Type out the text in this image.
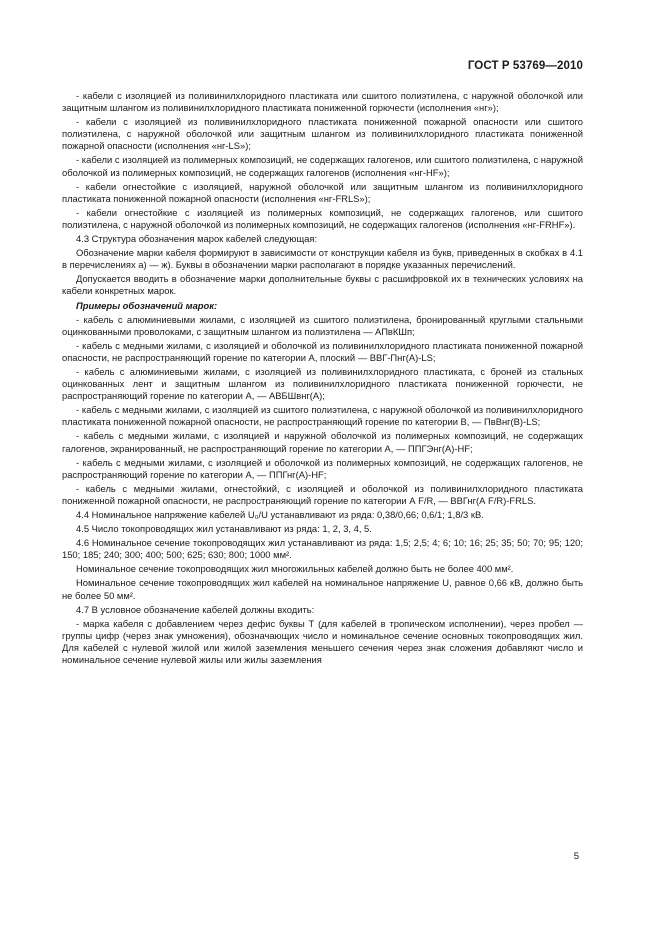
ГОСТ Р 53769—2010

- кабели с изоляцией из поливинилхлоридного пластиката или сшитого полиэтилена, с наружной оболочкой или защитным шлангом из поливинилхлоридного пластиката пониженной горючести (исполнения «нг»);

- кабели с изоляцией из поливинилхлоридного пластиката пониженной пожарной опасности или сшитого полиэтилена, с наружной оболочкой или защитным шлангом из поливинилхлоридного пластиката пониженной пожарной опасности (исполнения «нг-LS»);

- кабели с изоляцией из полимерных композиций, не содержащих галогенов, или сшитого полиэтилена, с наружной оболочкой из полимерных композиций, не содержащих галогенов (исполнения «нг-HF»);

- кабели огнестойкие с изоляцией, наружной оболочкой или защитным шлангом из поливинилхлоридного пластиката пониженной пожарной опасности (исполнения «нг-FRLS»);

- кабели огнестойкие с изоляцией из полимерных композиций, не содержащих галогенов, или сшитого полиэтилена, с наружной оболочкой из полимерных композиций, не содержащих галогенов (исполнения «нг-FRHF»).

4.3 Структура обозначения марок кабелей следующая:

Обозначение марки кабеля формируют в зависимости от конструкции кабеля из букв, приведенных в скобках в 4.1 в перечислениях а) — ж). Буквы в обозначении марки располагают в порядке указанных перечислений.

Допускается вводить в обозначение марки дополнительные буквы с расшифровкой их в технических условиях на кабели конкретных марок.

Примеры обозначений марок:

- кабель с алюминиевыми жилами, с изоляцией из сшитого полиэтилена, бронированный круглыми стальными оцинкованными проволоками, с защитным шлангом из полиэтилена — АПвКШп;

- кабель с медными жилами, с изоляцией и оболочкой из поливинилхлоридного пластиката пониженной пожарной опасности, не распространяющий горение по категории А, плоский — ВВГ-Пнг(А)-LS;

- кабель с алюминиевыми жилами, с изоляцией из поливинилхлоридного пластиката, с броней из стальных оцинкованных лент и защитным шлангом из поливинилхлоридного пластиката пониженной горючести, не распространяющий горение по категории А, — АВБШвнг(А);

- кабель с медными жилами, с изоляцией из сшитого полиэтилена, с наружной оболочкой из поливинилхлоридного пластиката пониженной пожарной опасности, не распространяющий горение по категории В, — ПвВнг(В)-LS;

- кабель с медными жилами, с изоляцией и наружной оболочкой из полимерных композиций, не содержащих галогенов, экранированный, не распространяющий горение по категории А, — ППГЭнг(А)-HF;

- кабель с медными жилами, с изоляцией и оболочкой из полимерных композиций, не содержащих галогенов, не распространяющий горение по категории А, — ППГнг(А)-HF;

- кабель с медными жилами, огнестойкий, с изоляцией и оболочкой из поливинилхлоридного пластиката пониженной пожарной опасности, не распространяющий горение по категории А F/R, — ВВГнг(А F/R)-FRLS.

4.4 Номинальное напряжение кабелей U₀/U устанавливают из ряда: 0,38/0,66; 0,6/1; 1,8/3 кВ.

4.5 Число токопроводящих жил устанавливают из ряда: 1, 2, 3, 4, 5.

4.6 Номинальное сечение токопроводящих жил устанавливают из ряда: 1,5; 2,5; 4; 6; 10; 16; 25; 35; 50; 70; 95; 120; 150; 185; 240; 300; 400; 500; 625; 630; 800; 1000 мм².

Номинальное сечение токопроводящих жил многожильных кабелей должно быть не более 400 мм².

Номинальное сечение токопроводящих жил кабелей на номинальное напряжение U, равное 0,66 кВ, должно быть не более 50 мм².

4.7 В условное обозначение кабелей должны входить:

- марка кабеля с добавлением через дефис буквы Т (для кабелей в тропическом исполнении), через пробел — группы цифр (через знак умножения), обозначающих число и номинальное сечение основных токопроводящих жил. Для кабелей с нулевой жилой или жилой заземления меньшего сечения через знак сложения добавляют число и номинальное сечение нулевой жилы или жилы заземления

5
